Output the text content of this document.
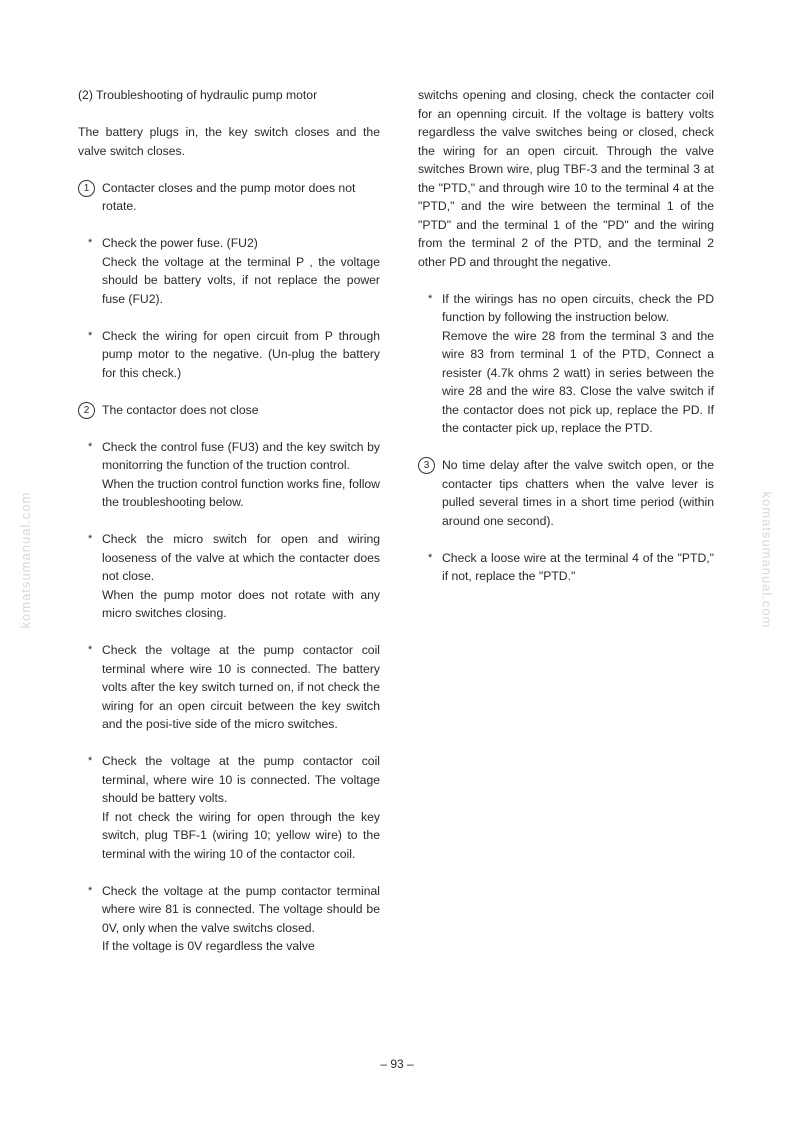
komatsumanual.com	komatsumanual.com

(2) Troubleshooting of hydraulic pump motor

The battery plugs in, the key switch closes and the valve switch closes.

1	Contacter closes and the pump motor does not rotate.

* Check the power fuse. (FU2)

Check the voltage at the terminal P , the voltage should be battery volts, if not replace the power fuse (FU2).

* Check the wiring for open circuit from P through pump motor to the negative. (Un-plug the battery for this check.)

2	The contactor does not close

* Check the control fuse (FU3) and the key switch by monitorring the function of the truction control.

When the truction control function works fine, follow the troubleshooting below.

* Check the micro switch for open and wiring looseness of the valve at which the contacter does not close.

When the pump motor does not rotate with any micro switches closing.

* Check the voltage at the pump contactor coil terminal where wire 10 is connected. The battery volts after the key switch turned on, if not check the wiring for an open circuit between the key switch and the posi-tive side of the micro switches.

* Check the voltage at the pump contactor coil terminal, where wire 10 is connected. The voltage should be battery volts.

If not check the wiring for open through the key switch, plug TBF-1 (wiring 10; yellow wire) to the terminal with the wiring 10 of the contactor coil.

* Check the voltage at the pump contactor terminal where wire 81 is connected. The voltage should be 0V, only when the valve switchs closed.

If the voltage is 0V regardless the valve

switchs opening and closing, check the contacter coil for an openning circuit. If the voltage is battery volts regardless the valve switches being or closed, check the wiring for an open circuit. Through the valve switches Brown wire, plug TBF-3 and the terminal 3 at the "PTD," and through wire 10 to the terminal 4 at the "PTD," and the wire between the terminal 1 of the "PTD" and the terminal 1 of the "PD" and the wiring from the terminal 2 of the PTD, and the terminal 2 other PD and throught the negative.

* If the wirings has no open circuits, check the PD function by following the instruction below.

Remove the wire 28 from the terminal 3 and the wire 83 from terminal 1 of the PTD, Connect a resister (4.7k ohms 2 watt) in series between the wire 28 and the wire 83. Close the valve switch if the contactor does not pick up, replace the PD. If the contacter pick up, replace the PTD.

3	No time delay after the valve switch open, or the contacter tips chatters when the valve lever is pulled several times in a short time period (within around one second).

* Check a loose wire at the terminal 4 of the "PTD," if not, replace the "PTD."

– 93 –
